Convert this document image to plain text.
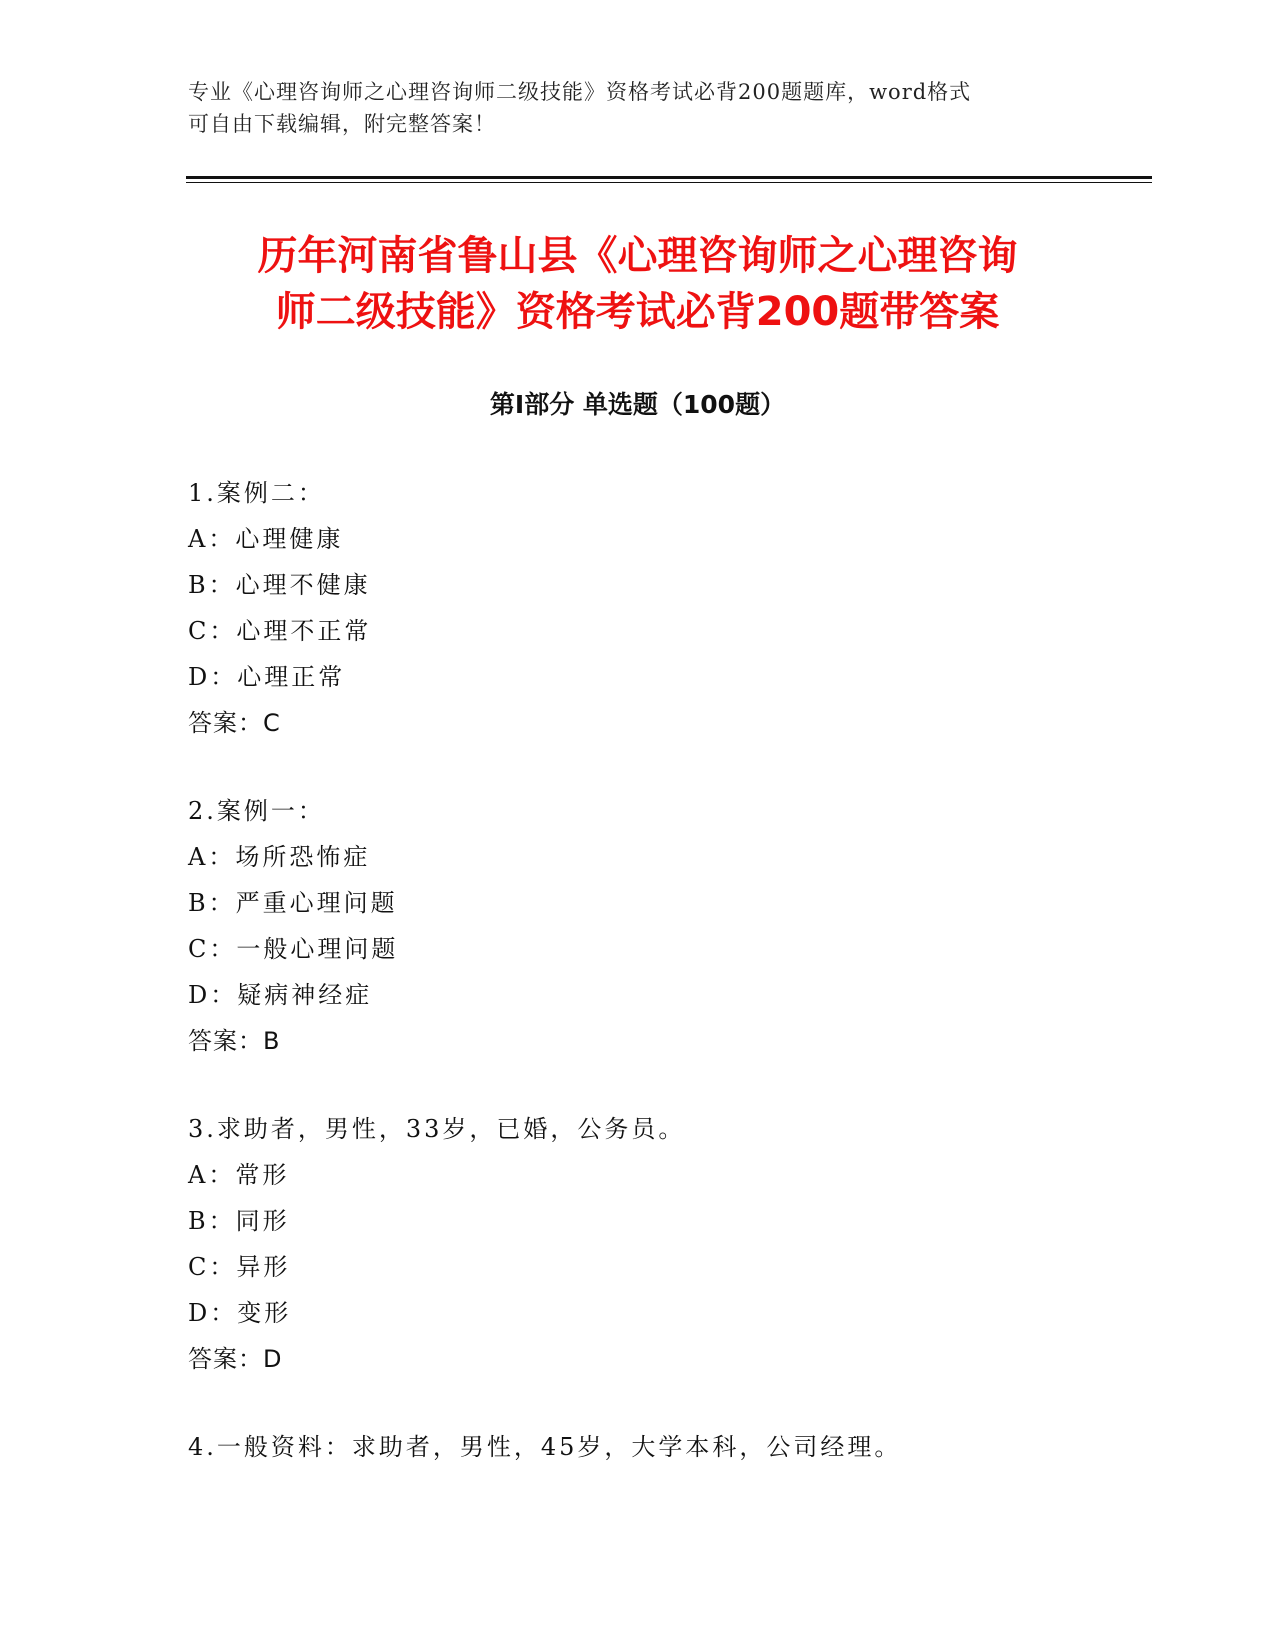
专业《心理咨询师之心理咨询师二级技能》资格考试必背200题题库，word格式
可自由下载编辑，附完整答案！
历年河南省鲁山县《心理咨询师之心理咨询
师二级技能》资格考试必背200题带答案
第Ⅰ部分 单选题（100题）
1.案例二：
A：心理健康
B：心理不健康
C：心理不正常
D：心理正常
答案：C
2.案例一：
A：场所恐怖症
B：严重心理问题
C：一般心理问题
D：疑病神经症
答案：B
3.求助者，男性，33岁，已婚，公务员。
A：常形
B：同形
C：异形
D：变形
答案：D
4.一般资料：求助者，男性，45岁，大学本科，公司经理。
